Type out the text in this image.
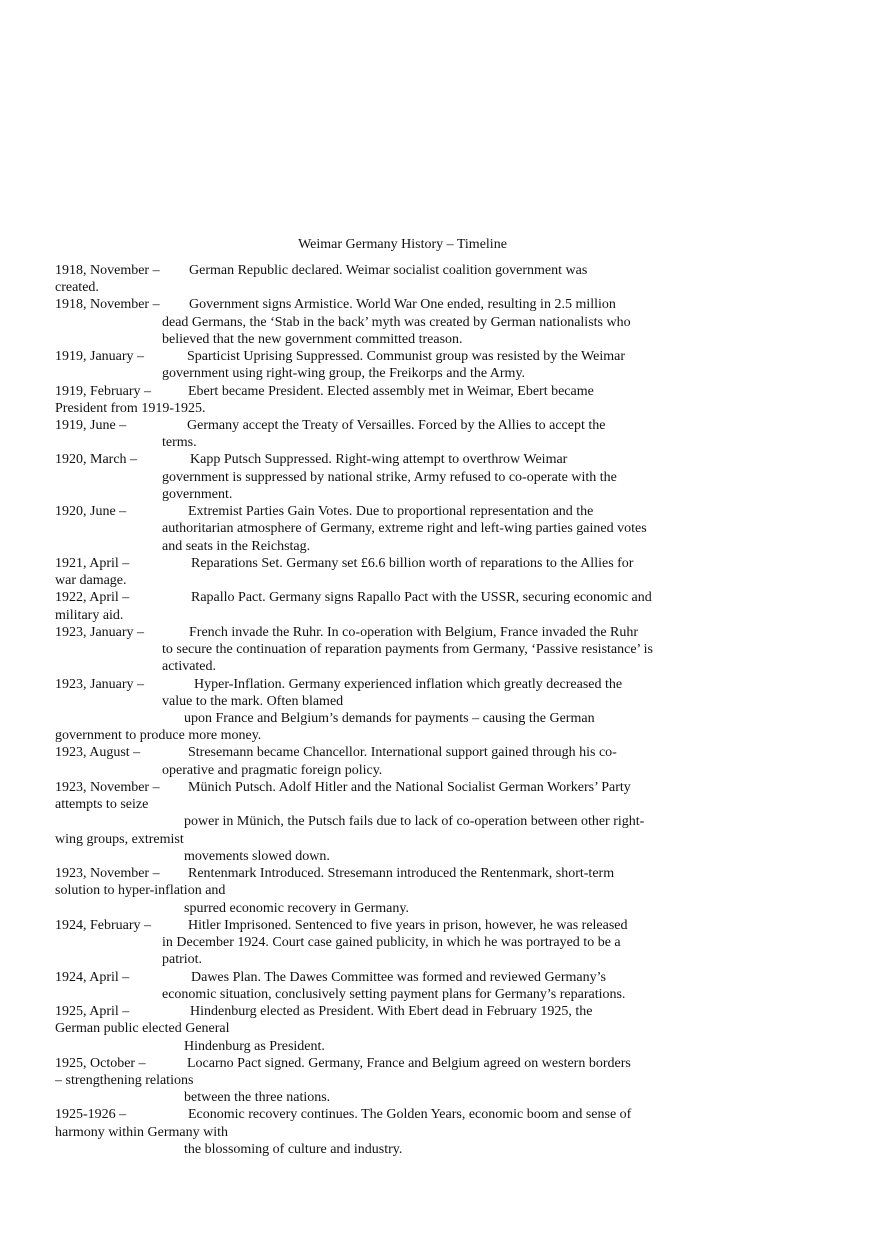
Weimar Germany History – Timeline
1918, November – German Republic declared. Weimar socialist coalition government was
created.
1918, November – Government signs Armistice. World War One ended, resulting in 2.5 million
dead Germans, the ‘Stab in the back’ myth was created by German nationalists who
believed that the new government committed treason.
1919, January –	Sparticist Uprising Suppressed. Communist group was resisted by the Weimar
government using right-wing group, the Freikorps and the Army.
1919, February –	Ebert became President. Elected assembly met in Weimar, Ebert became
President from 1919-1925.
1919, June –	Germany accept the Treaty of Versailles. Forced by the Allies to accept the
terms.
1920, March –	Kapp Putsch Suppressed. Right-wing attempt to overthrow Weimar
government is suppressed by national strike, Army refused to co-operate with the
government.
1920, June –	Extremist Parties Gain Votes. Due to proportional representation and the
authoritarian atmosphere of Germany, extreme right and left-wing parties gained votes
and seats in the Reichstag.
1921, April –	Reparations Set. Germany set £6.6 billion worth of reparations to the Allies for
war damage.
1922, April –	Rapallo Pact. Germany signs Rapallo Pact with the USSR, securing economic and
military aid.
1923, January –	French invade the Ruhr. In co-operation with Belgium, France invaded the Ruhr
to secure the continuation of reparation payments from Germany, ‘Passive resistance’ is
activated.
1923, January –	Hyper-Inflation. Germany experienced inflation which greatly decreased the
value to the mark. Often blamed
upon France and Belgium’s demands for payments – causing the German
government to produce more money.
1923, August –	Stresemann became Chancellor. International support gained through his co-
operative and pragmatic foreign policy.
1923, November – Münich Putsch. Adolf Hitler and the National Socialist German Workers’ Party
attempts to seize
power in Münich, the Putsch fails due to lack of co-operation between other right-
wing groups, extremist
movements slowed down.
1923, November – Rentenmark Introduced. Stresemann introduced the Rentenmark, short-term
solution to hyper-inflation and
spurred economic recovery in Germany.
1924, February –	Hitler Imprisoned. Sentenced to five years in prison, however, he was released
in December 1924. Court case gained publicity, in which he was portrayed to be a
patriot.
1924, April –	Dawes Plan. The Dawes Committee was formed and reviewed Germany’s
economic situation, conclusively setting payment plans for Germany’s reparations.
1925, April –	Hindenburg elected as President. With Ebert dead in February 1925, the
German public elected General
Hindenburg as President.
1925, October –	Locarno Pact signed. Germany, France and Belgium agreed on western borders
– strengthening relations
between the three nations.
1925-1926 –	Economic recovery continues. The Golden Years, economic boom and sense of
harmony within Germany with
the blossoming of culture and industry.
